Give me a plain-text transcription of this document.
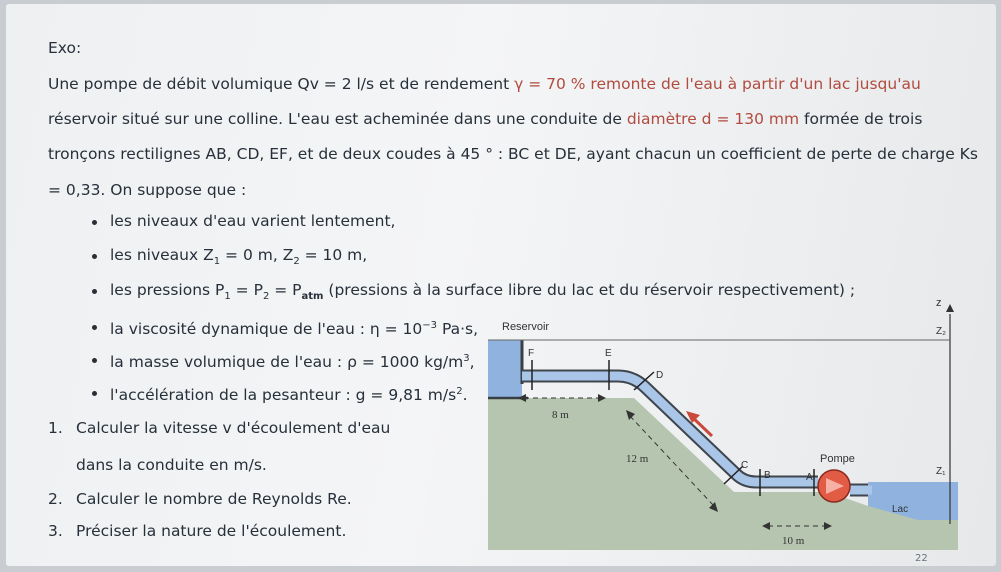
Exo:
Une pompe de débit volumique Qv = 2 l/s et de rendement γ = 70 % remonte de l'eau à partir d'un lac jusqu'au
réservoir situé sur une colline. L'eau est acheminée dans une conduite de diamètre d = 130 mm formée de trois
tronçons rectilignes AB, CD, EF, et de deux coudes à 45 ° : BC et DE, ayant chacun un coefficient de perte de charge Ks
= 0,33. On suppose que :
les niveaux d'eau varient lentement,
les niveaux $Z_1 = 0$ m, $Z_2 = 10$ m,
les pressions $P_1 = P_2 = P_{atm}$ (pressions à la surface libre du lac et du réservoir respectivement) ;
la viscosité dynamique de l'eau : $\eta = 10^{-3}$ Pa·s,
la masse volumique de l'eau : ρ = 1000 $kg/m^3$,
l'accélération de la pesanteur : g = 9,81 $m/s^2$.
1. Calculer la vitesse v d'écoulement d'eau
dans la conduite en m/s.
2. Calculer le nombre de Reynolds Re.
3. Préciser la nature de l'écoulement.
Reservoir
F	E
D
C
B	A
8 m
12 m
10 m
Pompe
Lac
z
Z₂
Z₁
22
